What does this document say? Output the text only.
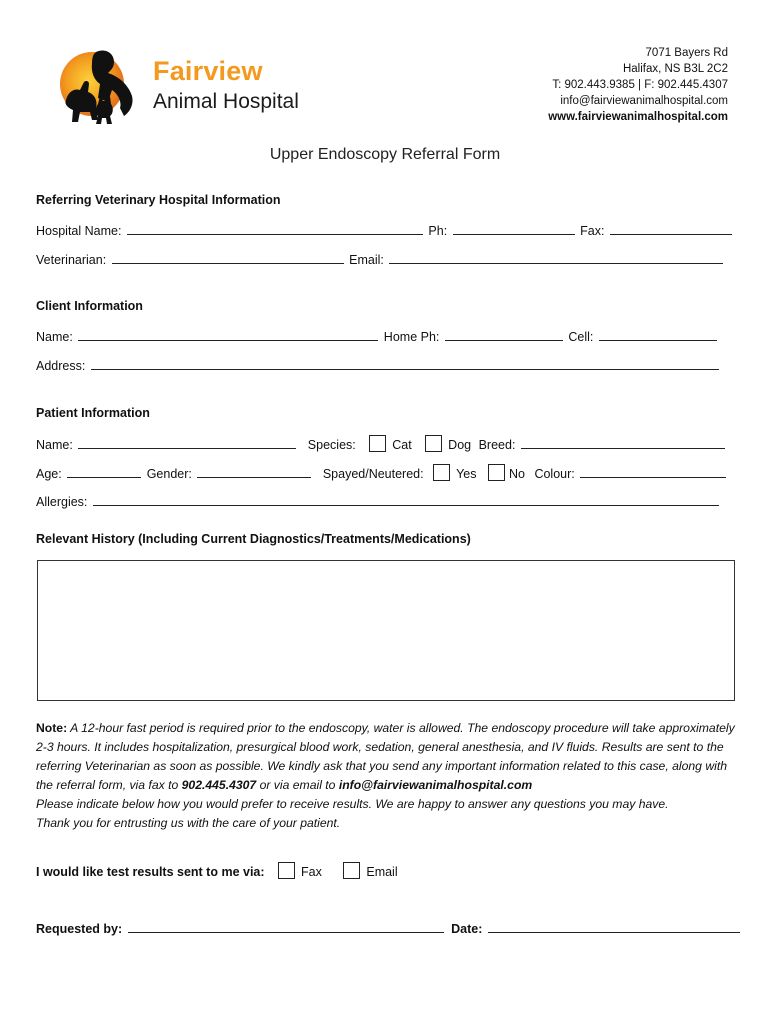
Fairview
Animal Hospital
7071 Bayers Rd
Halifax, NS B3L 2C2
T: 902.443.9385 | F: 902.445.4307
info@fairviewanimalhospital.com
www.fairviewanimalhospital.com
Upper Endoscopy Referral Form
Referring Veterinary Hospital Information
Hospital Name:	Ph:	Fax:
Veterinarian:	Email:
Client Information
Name:	Home Ph:	Cell:
Address:
Patient Information
Name:	Species:	Cat	Dog Breed:
Age:	Gender:	Spayed/Neutered:	Yes	No Colour:
Allergies:
Relevant History (Including Current Diagnostics/Treatments/Medications)
Note: A 12-hour fast period is required prior to the endoscopy, water is allowed. The endoscopy procedure will take approximately 2-3 hours. It includes hospitalization, presurgical blood work, sedation, general anesthesia, and IV fluids. Results are sent to the referring Veterinarian as soon as possible. We kindly ask that you send any important information related to this case, along with the referral form, via fax to 902.445.4307 or via email to info@fairviewanimalhospital.com
Please indicate below how you would prefer to receive results. We are happy to answer any questions you may have.
Thank you for entrusting us with the care of your patient.
I would like test results sent to me via:	Fax	Email
Requested by:	Date:
